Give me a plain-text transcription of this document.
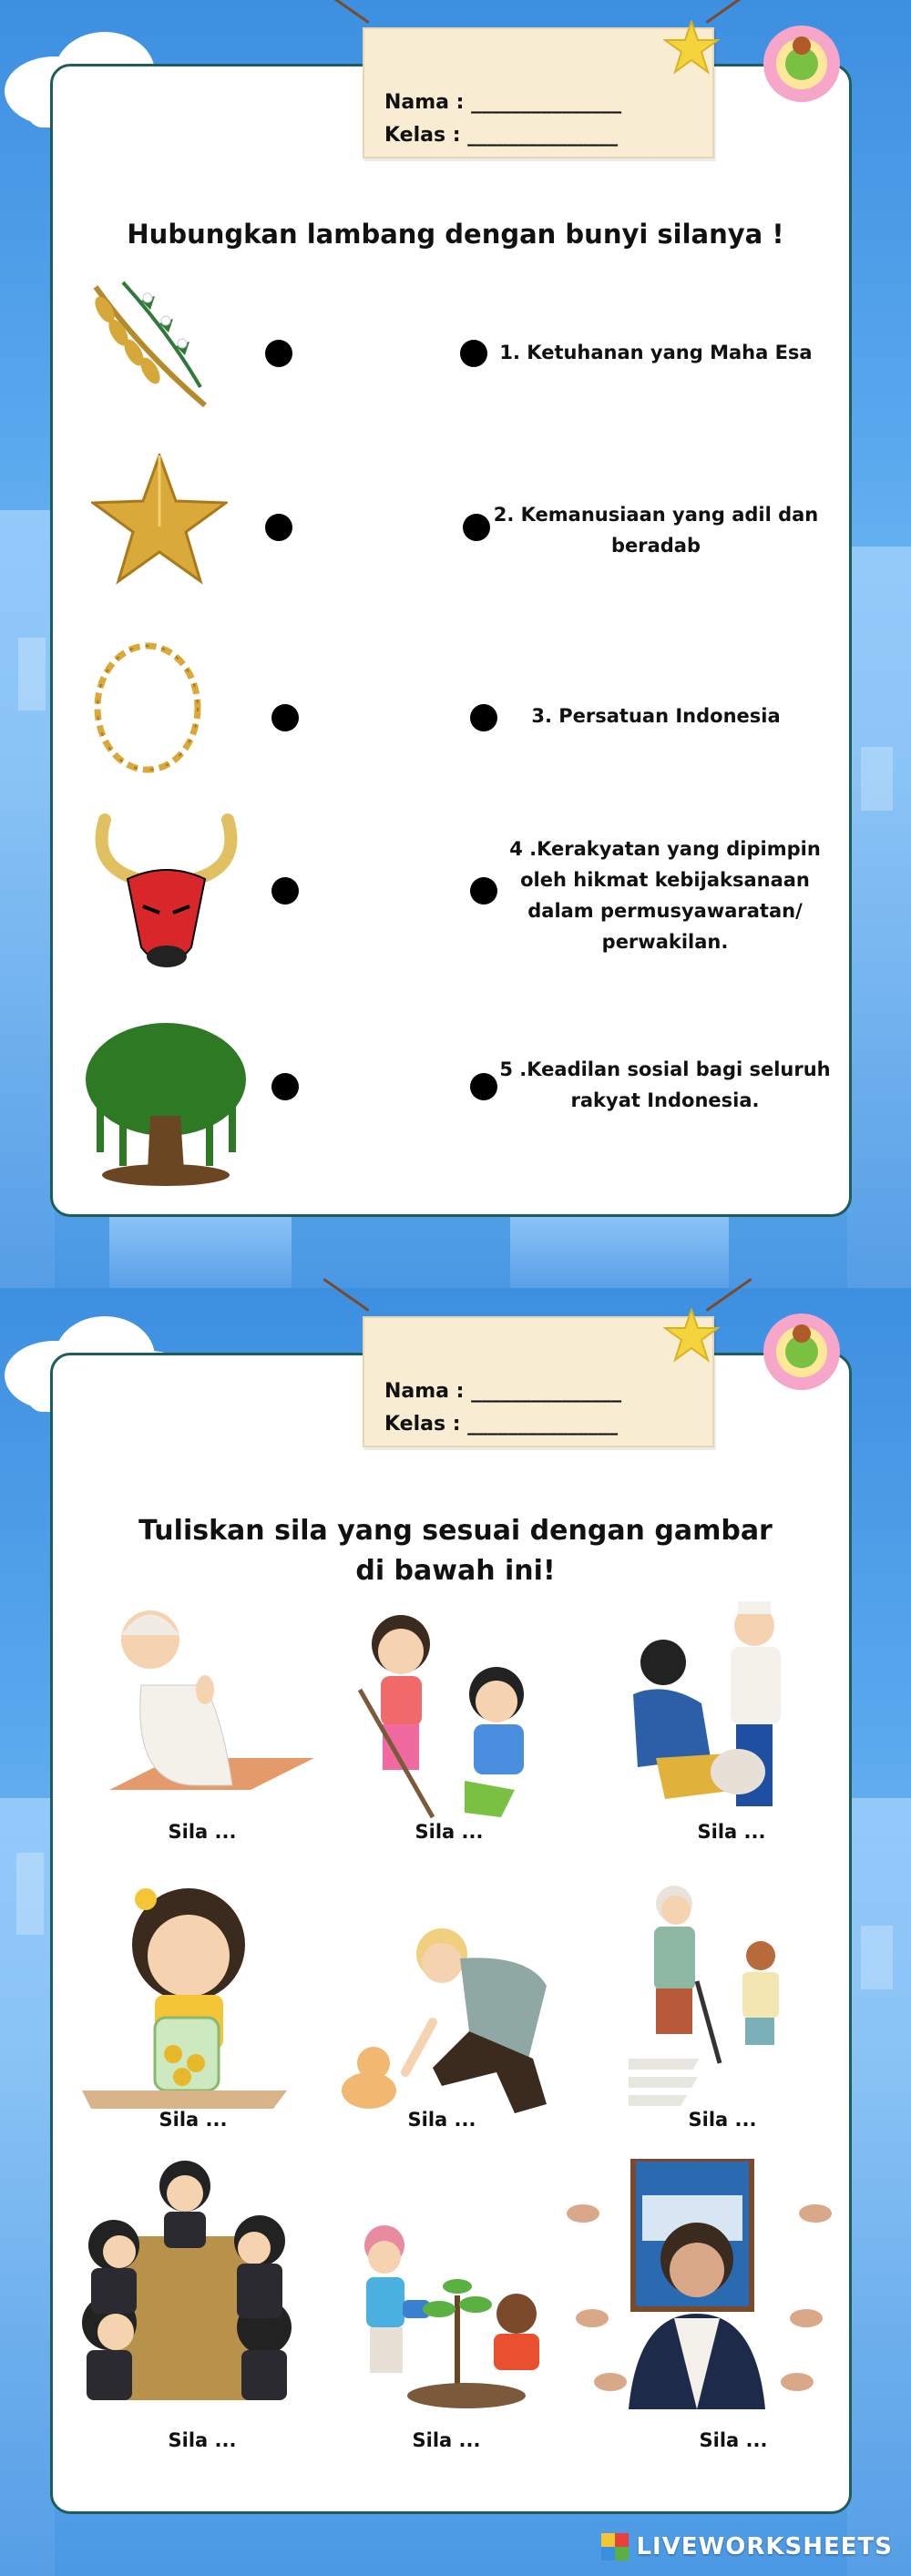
Nama : _______________
Kelas : _______________
Hubungkan lambang dengan bunyi silanya !
1. Ketuhanan yang Maha Esa
2. Kemanusiaan yang adil dan
beradab
3. Persatuan Indonesia
4 .Kerakyatan yang dipimpin
oleh hikmat kebijaksanaan
dalam permusyawaratan/
perwakilan.
5 .Keadilan sosial bagi seluruh
rakyat Indonesia.
Nama : _______________
Kelas : _______________
Tuliskan sila yang sesuai dengan gambar
di bawah ini!
Sila ...	Sila ...	Sila ...
Sila ...	Sila ...	Sila ...
Sila ...	Sila ...	Sila ...
LIVEWORKSHEETS
